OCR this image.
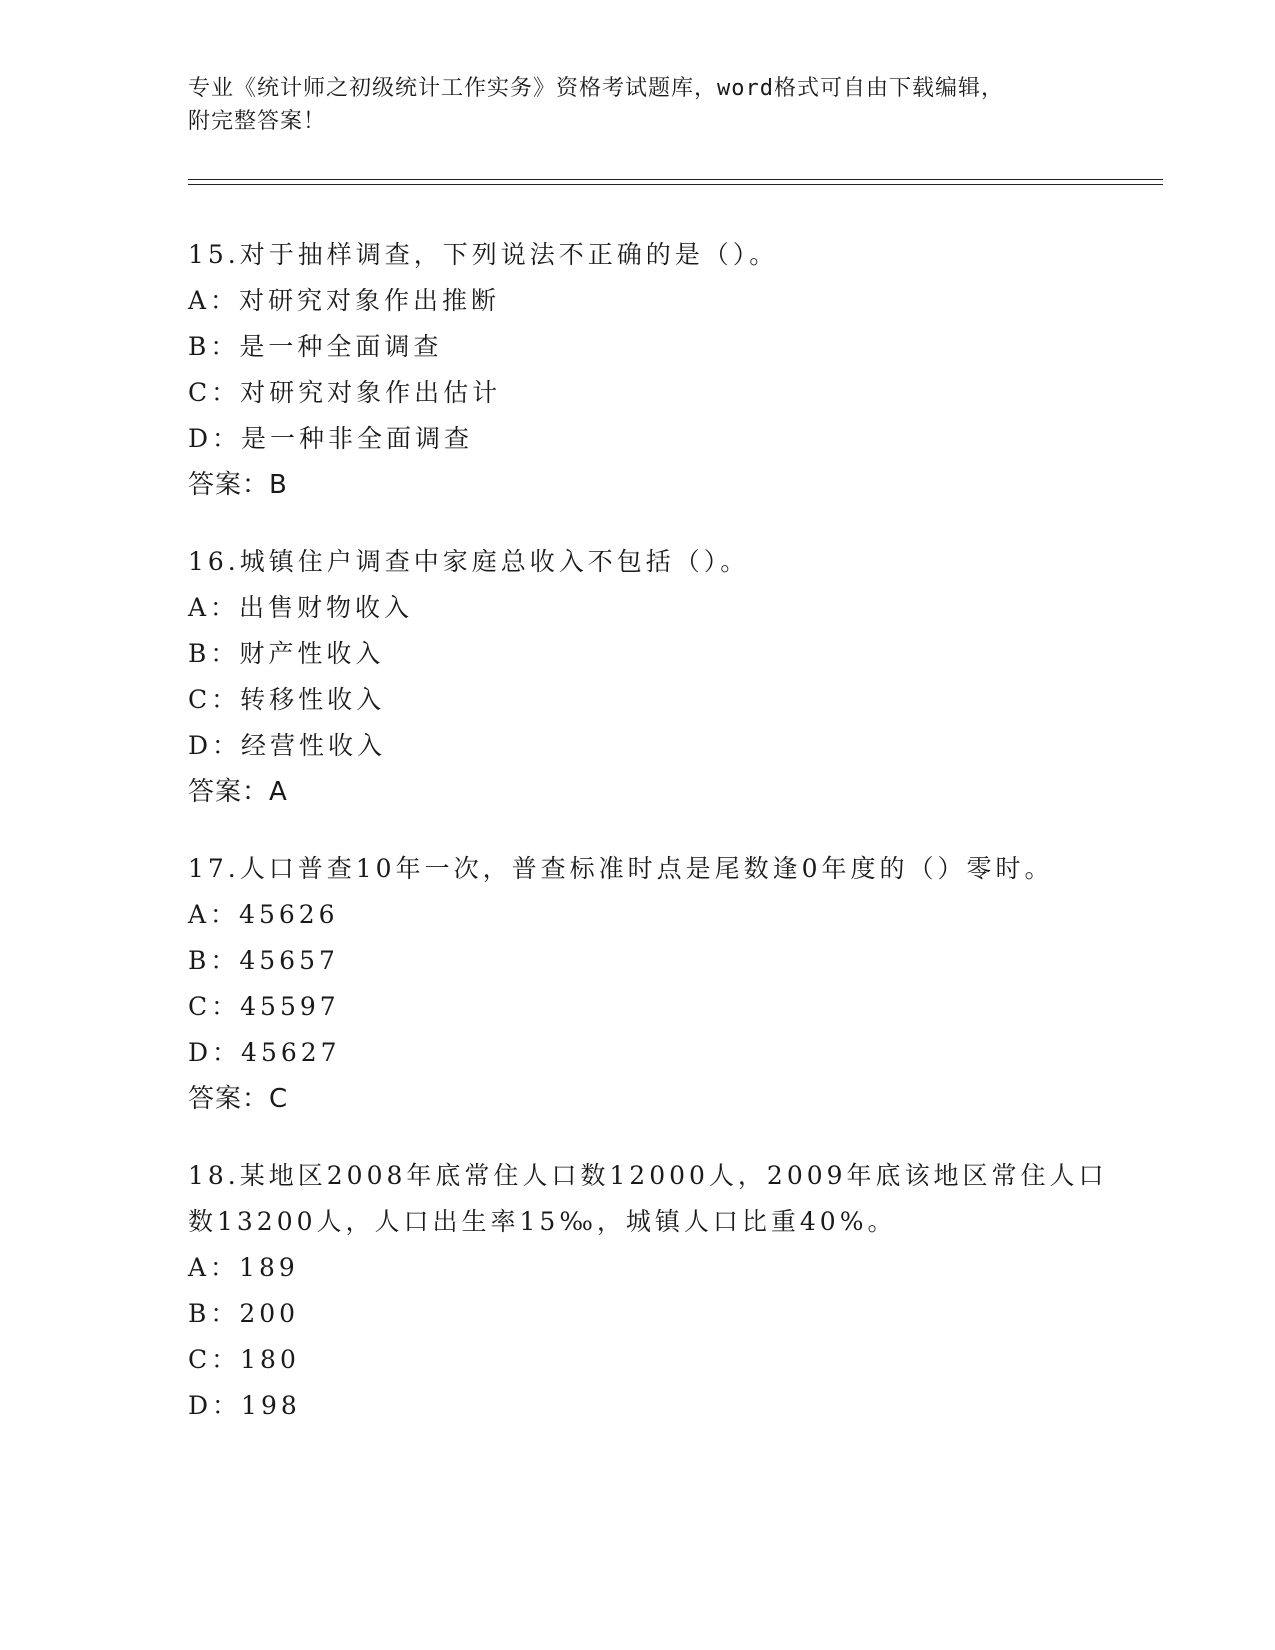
专业《统计师之初级统计工作实务》资格考试题库，word格式可自由下载编辑，

附完整答案！

15.对于抽样调查，下列说法不正确的是（）。
A：对研究对象作出推断
B：是一种全面调查
C：对研究对象作出估计
D：是一种非全面调查
答案：B
16.城镇住户调查中家庭总收入不包括（）。
A：出售财物收入
B：财产性收入
C：转移性收入
D：经营性收入
答案：A
17.人口普查10年一次，普查标准时点是尾数逢0年度的（）零时。
A：45626
B：45657
C：45597
D：45627
答案：C
18.某地区2008年底常住人口数12000人，2009年底该地区常住人口
数13200人，人口出生率15‰，城镇人口比重40%。
A：189
B：200
C：180
D：198
